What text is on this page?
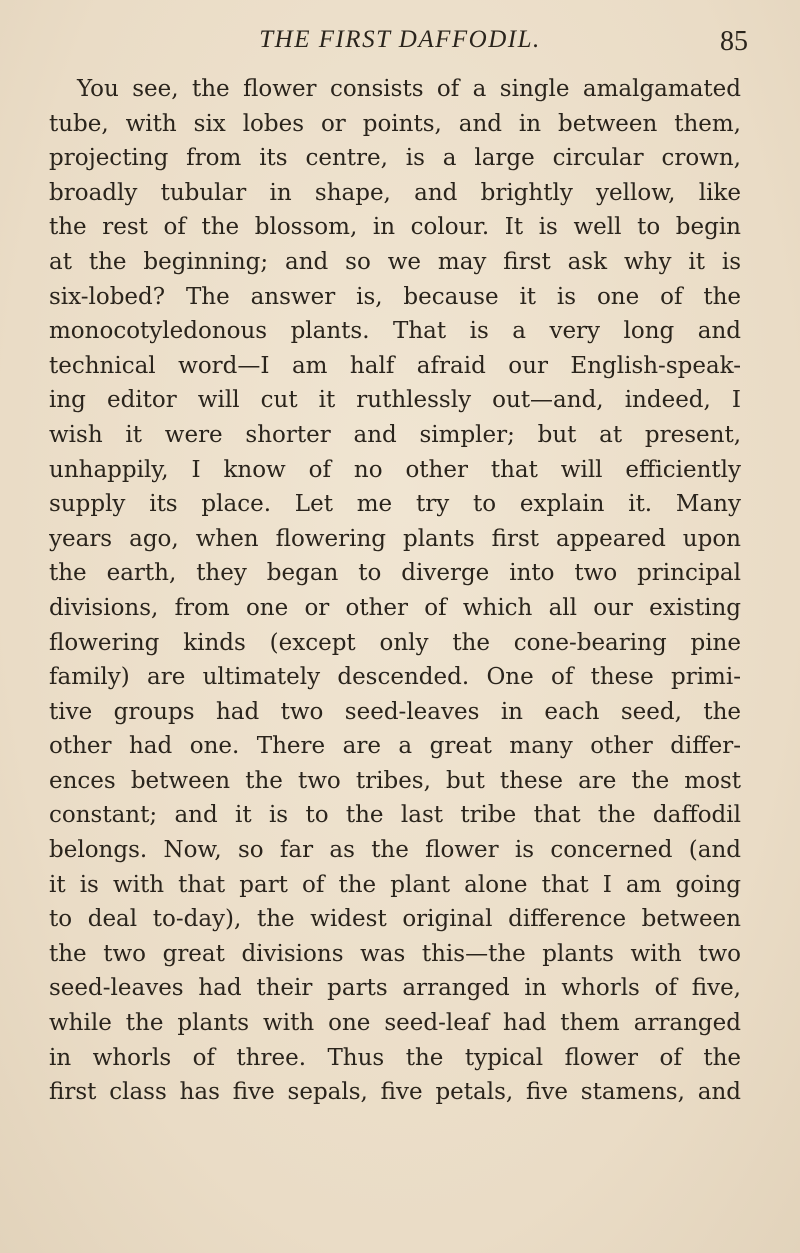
THE FIRST DAFFODIL.	85
You see, the flower consists of a single amalgamated
tube, with six lobes or points, and in between them,
projecting from its centre, is a large circular crown,
broadly tubular in shape, and brightly yellow, like
the rest of the blossom, in colour. It is well to begin
at the beginning; and so we may first ask why it is
six-lobed? The answer is, because it is one of the
monocotyledonous plants. That is a very long and
technical word—I am half afraid our English-speak-
ing editor will cut it ruthlessly out—and, indeed, I
wish it were shorter and simpler; but at present,
unhappily, I know of no other that will efficiently
supply its place. Let me try to explain it. Many
years ago, when flowering plants first appeared upon
the earth, they began to diverge into two principal
divisions, from one or other of which all our existing
flowering kinds (except only the cone-bearing pine
family) are ultimately descended. One of these primi-
tive groups had two seed-leaves in each seed, the
other had one. There are a great many other differ-
ences between the two tribes, but these are the most
constant; and it is to the last tribe that the daffodil
belongs. Now, so far as the flower is concerned (and
it is with that part of the plant alone that I am going
to deal to-day), the widest original difference between
the two great divisions was this—the plants with two
seed-leaves had their parts arranged in whorls of five,
while the plants with one seed-leaf had them arranged
in whorls of three. Thus the typical flower of the
first class has five sepals, five petals, five stamens, and
